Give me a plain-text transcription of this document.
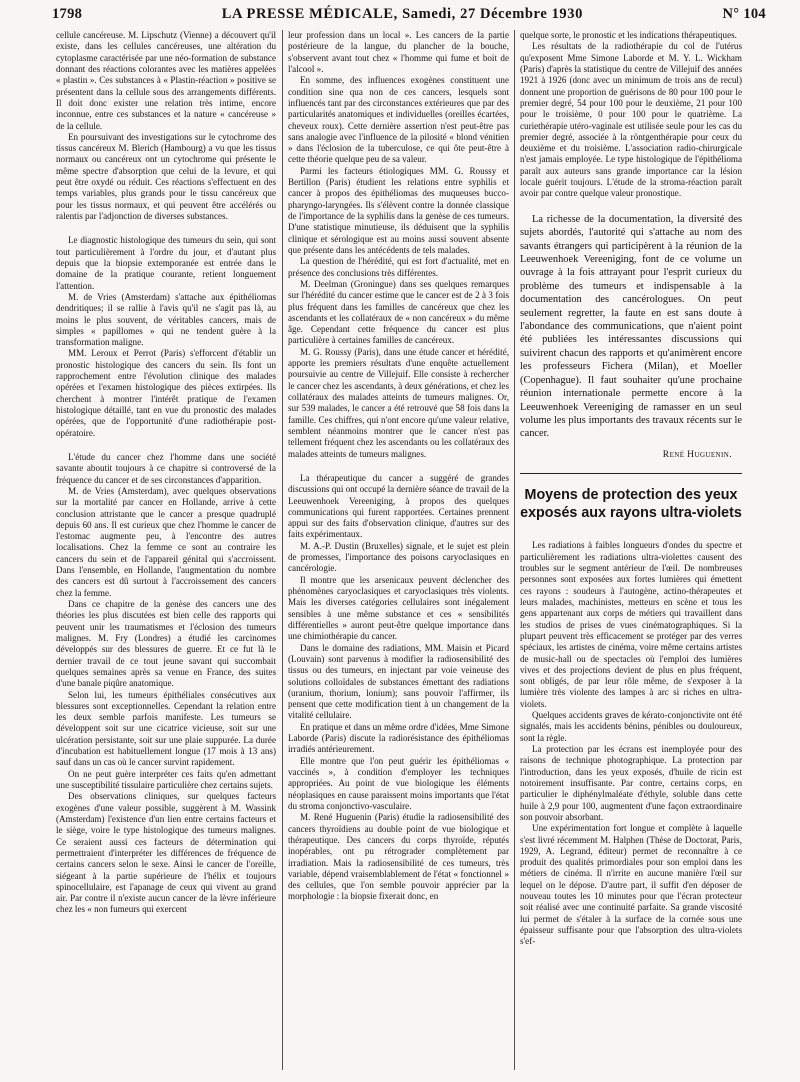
1798	LA PRESSE MÉDICALE, Samedi, 27 Décembre 1930	N° 104

cellule cancéreuse. M. Lipschutz (Vienne) a découvert qu'il existe, dans les cellules cancéreuses, une altération du cytoplasme caractérisée par une néo-formation de substance donnant des réactions colorantes avec les matières appelées « plastin ». Ces substances à « Plastin-réaction » positive se présentent dans la cellule sous des arrangements différents. Il doit donc exister une relation très intime, encore inconnue, entre ces substances et la nature « cancéreuse » de la cellule.

En poursuivant des investigations sur le cytochrome des tissus cancéreux M. Blerich (Hambourg) a vu que les tissus normaux ou cancéreux ont un cytochrome qui présente le même spectre d'absorption que celui de la levure, et qui peut être oxydé ou réduit. Ces réactions s'effectuent en des temps variables, plus grands pour le tissu cancéreux que pour les tissus normaux, et qui peuvent être accélérés ou ralentis par l'adjonction de diverses substances.

Le diagnostic histologique des tumeurs du sein, qui sont tout particulièrement à l'ordre du jour, et d'autant plus depuis que la biopsie extemporanée est entrée dans le domaine de la pratique courante, retient longuement l'attention.

M. de Vries (Amsterdam) s'attache aux épithéliomas dendritiques; il se rallie à l'avis qu'il ne s'agit pas là, au moins le plus souvent, de véritables cancers, mais de simples « papillomes » qui ne tendent guère à la transformation maligne.

MM. Leroux et Perrot (Paris) s'efforcent d'établir un pronostic histologique des cancers du sein. Ils font un rapprochement entre l'évolution clinique des malades opérées et l'examen histologique des pièces extirpées. Ils cherchent à montrer l'intérêt pratique de l'examen histologique détaillé, tant en vue du pronostic des malades opérées, que de l'opportunité d'une radiothérapie post-opératoire.

L'étude du cancer chez l'homme dans une société savante aboutit toujours à ce chapitre si controversé de la fréquence du cancer et de ses circonstances d'apparition.

M. de Vries (Amsterdam), avec quelques observations sur la mortalité par cancer en Hollande, arrive à cette conclusion attristante que le cancer a presque quadruplé depuis 60 ans. Il est curieux que chez l'homme le cancer de l'estomac augmente peu, à l'encontre des autres localisations. Chez la femme ce sont au contraire les cancers du sein et de l'appareil génital qui s'accroissent. Dans l'ensemble, en Hollande, l'augmentation du nombre des cancers est dû surtout à l'accroissement des cancers chez la femme.

Dans ce chapitre de la genèse des cancers une des théories les plus discutées est bien celle des rapports qui peuvent unir les traumatismes et l'éclosion des tumeurs malignes. M. Fry (Londres) a étudié les carcinomes développés sur des blessures de guerre. Et ce fut là le dernier travail de ce tout jeune savant qui succombait quelques semaines après sa venue en France, des suites d'une banale piqûre anatomique.

Selon lui, les tumeurs épithéliales consécutives aux blessures sont exceptionnelles. Cependant la relation entre les deux semble parfois manifeste. Les tumeurs se développent soit sur une cicatrice vicieuse, soit sur une ulcération persistante, soit sur une plaie suppurée. La durée d'incubation est habituellement longue (17 mois à 13 ans) sauf dans un cas où le cancer survint rapidement.

On ne peut guère interpréter ces faits qu'en admettant une susceptibilité tissulaire particulière chez certains sujets.

Des observations cliniques, sur quelques facteurs exogènes d'une valeur possible, suggèrent à M. Wassink (Amsterdam) l'existence d'un lien entre certains facteurs et le siège, voire le type histologique des tumeurs malignes. Ce seraient aussi ces facteurs de détermination qui permettraient d'interpréter les différences de fréquence de certains cancers selon le sexe. Ainsi le cancer de l'oreille, siégeant à la partie supérieure de l'hélix et toujours spinocellulaire, est l'apanage de ceux qui vivent au grand air. Par contre il n'existe aucun cancer de la lèvre inférieure chez les « non fumeurs qui exercent

leur profession dans un local ». Les cancers de la partie postérieure de la langue, du plancher de la bouche, s'observent avant tout chez « l'homme qui fume et boit de l'alcool ».

En somme, des influences exogènes constituent une condition sine qua non de ces cancers, lesquels sont influencés tant par des circonstances extérieures que par des particularités anatomiques et individuelles (oreilles écartées, cheveux roux). Cette dernière assertion n'est peut-être pas sans analogie avec l'influence de la pilosité « blond vénitien » dans l'éclosion de la tuberculose, ce qui ôte peut-être à cette théorie quelque peu de sa valeur.

Parmi les facteurs étiologiques MM. G. Roussy et Bertillon (Paris) étudient les relations entre syphilis et cancer à propos des épithéliomas des muqueuses bucco-pharyngo-laryngées. Ils s'élèvent contre la donnée classique de l'importance de la syphilis dans la genèse de ces tumeurs. D'une statistique minutieuse, ils déduisent que la syphilis clinique et sérologique est au moins aussi souvent absente que présente dans les antécédents de tels malades.

La question de l'hérédité, qui est fort d'actualité, met en présence des conclusions très différentes.

M. Deelman (Groningue) dans ses quelques remarques sur l'hérédité du cancer estime que le cancer est de 2 à 3 fois plus fréquent dans les familles de cancéreux que chez les ascendants et les collatéraux de « non cancéreux » du même âge. Cependant cette fréquence du cancer est plus particulière à certaines familles de cancéreux.

M. G. Roussy (Paris), dans une étude cancer et hérédité, apporte les premiers résultats d'une enquête actuellement poursuivie au centre de Villejuif. Elle consiste à rechercher le cancer chez les ascendants, à deux générations, et chez les collatéraux des malades atteints de tumeurs malignes. Or, sur 539 malades, le cancer a été retrouvé que 58 fois dans la famille. Ces chiffres, qui n'ont encore qu'une valeur relative, semblent néanmoins montrer que le cancer n'est pas tellement fréquent chez les ascendants ou les collatéraux des malades atteints de tumeurs malignes.

La thérapeutique du cancer a suggéré de grandes discussions qui ont occupé la dernière séance de travail de la Leeuwenhoek Vereeniging, à propos des quelques communications qui furent rapportées. Certaines prennent appui sur des faits d'observation clinique, d'autres sur des faits expérimentaux.

M. A.-P. Dustin (Bruxelles) signale, et le sujet est plein de promesses, l'importance des poisons caryoclasiques en cancérologie.

Il montre que les arsenicaux peuvent déclencher des phénomènes caryoclasiques et caryoclasiques très violents. Mais les diverses catégories cellulaires sont inégalement sensibles à une même substance et ces « sensibilités différentielles » auront peut-être quelque importance dans une chimiothérapie du cancer.

Dans le domaine des radiations, MM. Maisin et Picard (Louvain) sont parvenus à modifier la radiosensibilité des tissus ou des tumeurs, en injectant par voie veineuse des solutions colloïdales de substances émettant des radiations (uranium, thorium, lonium); sans pouvoir l'affirmer, ils pensent que cette modification tient à un changement de la vitalité cellulaire.

En pratique et dans un même ordre d'idées, Mme Simone Laborde (Paris) discute la radiorésistance des épithéliomas irradiés antérieurement.

Elle montre que l'on peut guérir les épithéliomas « vaccinés », à condition d'employer les techniques appropriées. Au point de vue biologique les éléments néoplasiques en cause paraissent moins importants que l'état du stroma conjonctivo-vasculaire.

M. René Huguenin (Paris) étudie la radiosensibilité des cancers thyroïdiens au double point de vue biologique et thérapeutique. Des cancers du corps thyroïde, réputés inopérables, ont pu rétrograder complètement par irradiation. Mais la radiosensibilité de ces tumeurs, très variable, dépend vraisemblablement de l'état « fonctionnel » des cellules, que l'on semble pouvoir apprécier par la morphologie : la biopsie fixerait donc, en

quelque sorte, le pronostic et les indications thérapeutiques.

Les résultats de la radiothérapie du col de l'utérus qu'exposent Mme Simone Laborde et M. Y. L. Wickham (Paris) d'après la statistique du centre de Villejuif des années 1921 à 1926 (donc avec un minimum de trois ans de recul) donnent une proportion de guérisons de 80 pour 100 pour le premier degré, 54 pour 100 pour le deuxième, 21 pour 100 pour le troisième, 0 pour 100 pour le quatrième. La curiethérapie utéro-vaginale est utilisée seule pour les cas du premier degré, associée à la röntgenthérapie pour ceux du deuxième et du troisième. L'association radio-chirurgicale n'est jamais employée. Le type histologique de l'épithélioma paraît aux auteurs sans grande importance car la lésion locale guérit toujours. L'étude de la stroma-réaction paraît avoir par contre quelque valeur pronostique.

La richesse de la documentation, la diversité des sujets abordés, l'autorité qui s'attache au nom des savants étrangers qui participèrent à la réunion de la Leeuwenhoek Vereeniging, font de ce volume un ouvrage à la fois attrayant pour l'esprit curieux du problème des tumeurs et indispensable à la documentation des cancérologues. On peut seulement regretter, la faute en est sans doute à l'abondance des communications, que n'aient point été publiées les intéressantes discussions qui suivirent chacun des rapports et qu'animèrent encore les professeurs Fichera (Milan), et Moeller (Copenhague). Il faut souhaiter qu'une prochaine réunion internationale permette encore à la Leeuwenhoek Vereeniging de ramasser en un seul volume les plus importants des travaux récents sur le cancer.

René Huguenin.
Moyens de protection des yeux exposés aux rayons ultra-violets

Les radiations à faibles longueurs d'ondes du spectre et particulièrement les radiations ultra-violettes causent des troubles sur le segment antérieur de l'œil. De nombreuses personnes sont exposées aux fortes lumières qui émettent ces rayons : soudeurs à l'autogène, actino-thérapeutes et leurs malades, machinistes, metteurs en scène et tous les gens appartenant aux corps de métiers qui travaillent dans les studios de prises de vues cinématographiques. Si la plupart peuvent très efficacement se protéger par des verres spéciaux, les artistes de cinéma, voire même certains artistes de music-hall ou de spectacles où l'emploi des lumières vives et des projections devient de plus en plus fréquent, sont obligés, de par leur rôle même, de s'exposer à la lumière très violente des lampes à arc si riches en ultra-violets.

Quelques accidents graves de kérato-conjonctivite ont été signalés, mais les accidents bénins, pénibles ou douloureux, sont la règle.

La protection par les écrans est inemployée pour des raisons de technique photographique. La protection par l'introduction, dans les yeux exposés, d'huile de ricin est notoirement insuffisante. Par contre, certains corps, en particulier le diphénylmaléate d'éthyle, soluble dans cette huile à 2,9 pour 100, augmentent d'une façon extraordinaire son pouvoir absorbant.

Une expérimentation fort longue et complète à laquelle s'est livré récemment M. Halphen (Thèse de Doctorat, Paris, 1929, A. Legrand, éditeur) permet de reconnaître à ce produit des qualités primordiales pour son emploi dans les métiers de cinéma. Il n'irrite en aucune manière l'œil sur lequel on le dépose. D'autre part, il suffit d'en déposer de nouveau toutes les 10 minutes pour que l'écran protecteur soit réalisé avec une continuité parfaite. Sa grande viscosité lui permet de s'étaler à la surface de la cornée sous une épaisseur suffisante pour que l'absorption des ultra-violets s'ef-
